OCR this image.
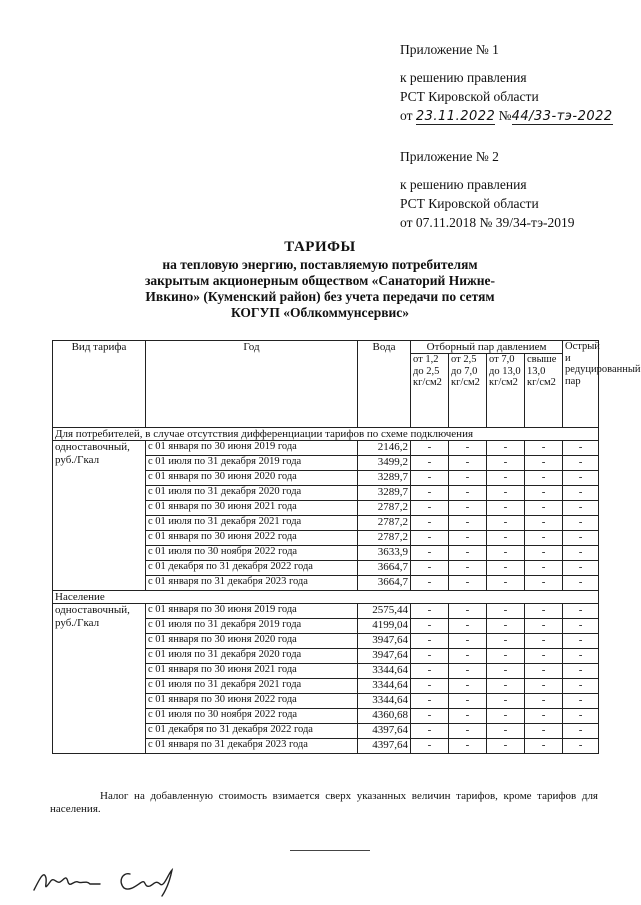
Приложение № 1
к решению правления
РСТ Кировской области
от 23.11.2022 №44/33-тэ-2022
Приложение № 2
к решению правления
РСТ Кировской области
от 07.11.2018 № 39/34-тэ-2019
ТАРИФЫ
на тепловую энергию, поставляемую потребителям
закрытым акционерным обществом «Санаторий Нижне-
Ивкино» (Куменский район) без учета передачи по сетям
КОГУП «Облкоммунсервис»
Вид тарифа	Год	Вода	Отборный пар давлением				Острый и редуцированный пар
			от 1,2 до 2,5 кг/см2	от 2,5 до 7,0 кг/см2	от 7,0 до 13,0 кг/см2	свыше 13,0 кг/см2	
Для потребителей, в случае отсутствия дифференциации тарифов по схеме подключения							
одноставочный, руб./Гкал	с 01 января по 30 июня 2019 года	2146,2	-	-	-	-	-
	с 01 июля по 31 декабря 2019 года	3499,2	-	-	-	-	-
	с 01 января по 30 июня 2020 года	3289,7	-	-	-	-	-
	с 01 июля по 31 декабря 2020 года	3289,7	-	-	-	-	-
	с 01 января по 30 июня 2021 года	2787,2	-	-	-	-	-
	с 01 июля по 31 декабря 2021 года	2787,2	-	-	-	-	-
	с 01 января по 30 июня 2022 года	2787,2	-	-	-	-	-
	с 01 июля по 30 ноября 2022 года	3633,9	-	-	-	-	-
	с 01 декабря по 31 декабря 2022 года	3664,7	-	-	-	-	-
	с 01 января по 31 декабря 2023 года	3664,7	-	-	-	-	-
Население							
одноставочный, руб./Гкал	с 01 января по 30 июня 2019 года	2575,44	-	-	-	-	-
	с 01 июля по 31 декабря 2019 года	4199,04	-	-	-	-	-
	с 01 января по 30 июня 2020 года	3947,64	-	-	-	-	-
	с 01 июля по 31 декабря 2020 года	3947,64	-	-	-	-	-
	с 01 января по 30 июня 2021 года	3344,64	-	-	-	-	-
	с 01 июля по 31 декабря 2021 года	3344,64	-	-	-	-	-
	с 01 января по 30 июня 2022 года	3344,64	-	-	-	-	-
	с 01 июля по 30 ноября 2022 года	4360,68	-	-	-	-	-
	с 01 декабря по 31 декабря 2022 года	4397,64	-	-	-	-	-
	с 01 января по 31 декабря 2023 года	4397,64	-	-	-	-	-
Налог на добавленную стоимость взимается сверх указанных величин тарифов, кроме тарифов для населения.
